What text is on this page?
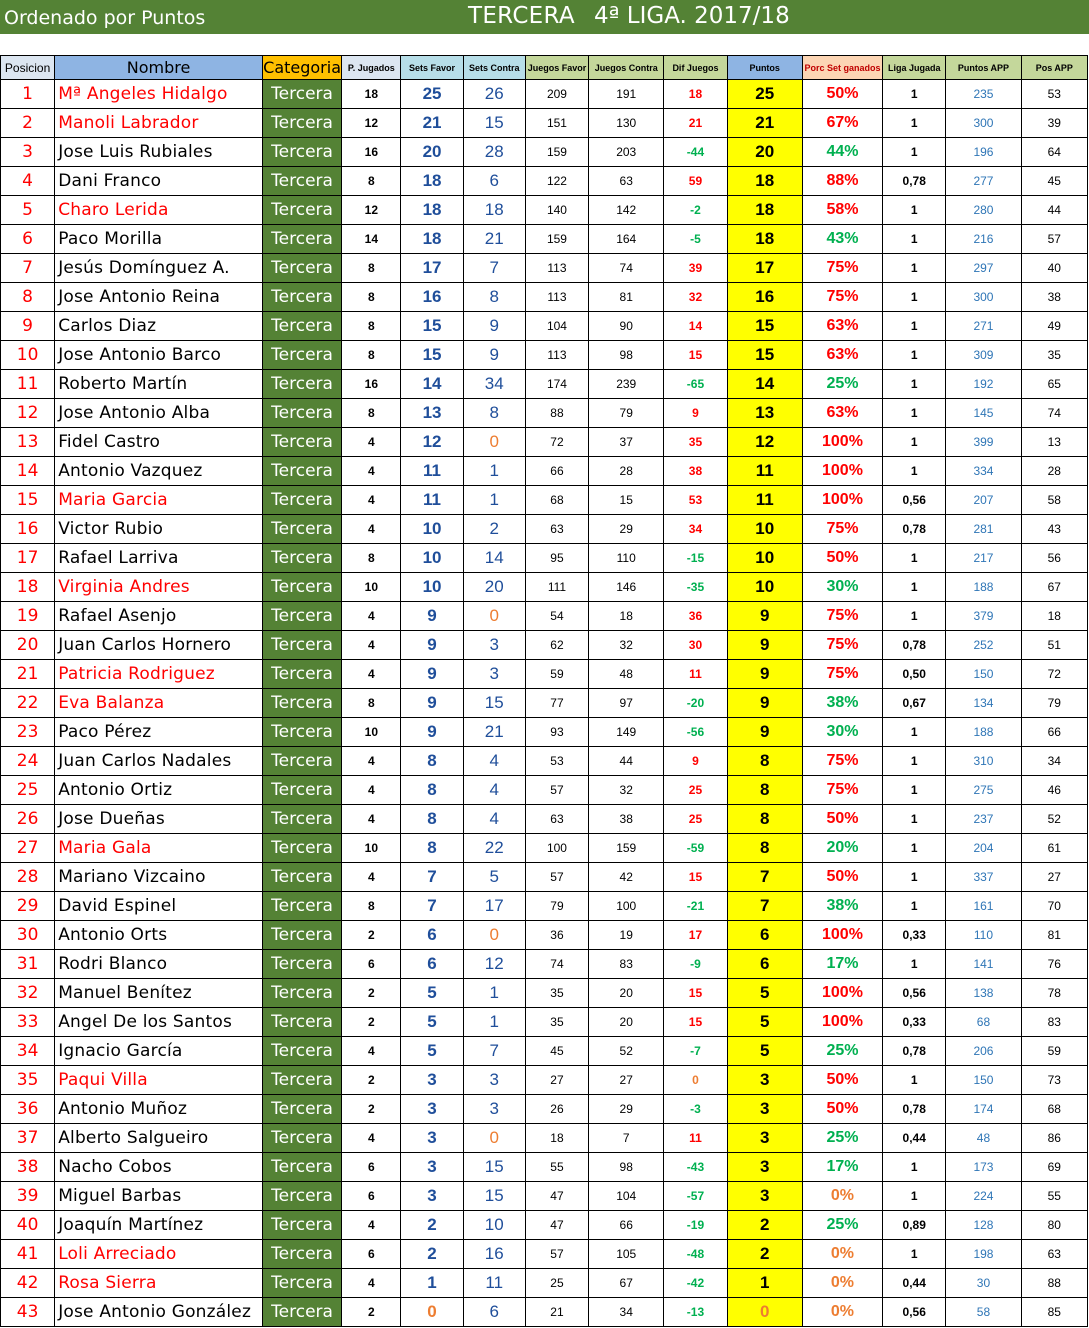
Ordenado por Puntos	TERCERA 4ª LIGA. 2017/18
Posicion	Nombre	Categoria	P. Jugados	Sets Favor	Sets Contra	Juegos Favor	Juegos Contra	Dif Juegos	Puntos	Porc Set ganados	Liga Jugada	Puntos APP	Pos APP
1	Mª Angeles Hidalgo	Tercera	18	25	26	209	191	18	25	50%	1	235	53
2	Manoli Labrador	Tercera	12	21	15	151	130	21	21	67%	1	300	39
3	Jose Luis Rubiales	Tercera	16	20	28	159	203	-44	20	44%	1	196	64
4	Dani Franco	Tercera	8	18	6	122	63	59	18	88%	0,78	277	45
5	Charo Lerida	Tercera	12	18	18	140	142	-2	18	58%	1	280	44
6	Paco Morilla	Tercera	14	18	21	159	164	-5	18	43%	1	216	57
7	Jesús Domínguez A.	Tercera	8	17	7	113	74	39	17	75%	1	297	40
8	Jose Antonio Reina	Tercera	8	16	8	113	81	32	16	75%	1	300	38
9	Carlos Diaz	Tercera	8	15	9	104	90	14	15	63%	1	271	49
10	Jose Antonio Barco	Tercera	8	15	9	113	98	15	15	63%	1	309	35
11	Roberto Martín	Tercera	16	14	34	174	239	-65	14	25%	1	192	65
12	Jose Antonio Alba	Tercera	8	13	8	88	79	9	13	63%	1	145	74
13	Fidel Castro	Tercera	4	12	0	72	37	35	12	100%	1	399	13
14	Antonio Vazquez	Tercera	4	11	1	66	28	38	11	100%	1	334	28
15	Maria Garcia	Tercera	4	11	1	68	15	53	11	100%	0,56	207	58
16	Victor Rubio	Tercera	4	10	2	63	29	34	10	75%	0,78	281	43
17	Rafael Larriva	Tercera	8	10	14	95	110	-15	10	50%	1	217	56
18	Virginia Andres	Tercera	10	10	20	111	146	-35	10	30%	1	188	67
19	Rafael Asenjo	Tercera	4	9	0	54	18	36	9	75%	1	379	18
20	Juan Carlos Hornero	Tercera	4	9	3	62	32	30	9	75%	0,78	252	51
21	Patricia Rodriguez	Tercera	4	9	3	59	48	11	9	75%	0,50	150	72
22	Eva Balanza	Tercera	8	9	15	77	97	-20	9	38%	0,67	134	79
23	Paco Pérez	Tercera	10	9	21	93	149	-56	9	30%	1	188	66
24	Juan Carlos Nadales	Tercera	4	8	4	53	44	9	8	75%	1	310	34
25	Antonio Ortiz	Tercera	4	8	4	57	32	25	8	75%	1	275	46
26	Jose Dueñas	Tercera	4	8	4	63	38	25	8	50%	1	237	52
27	Maria Gala	Tercera	10	8	22	100	159	-59	8	20%	1	204	61
28	Mariano Vizcaino	Tercera	4	7	5	57	42	15	7	50%	1	337	27
29	David Espinel	Tercera	8	7	17	79	100	-21	7	38%	1	161	70
30	Antonio Orts	Tercera	2	6	0	36	19	17	6	100%	0,33	110	81
31	Rodri Blanco	Tercera	6	6	12	74	83	-9	6	17%	1	141	76
32	Manuel Benítez	Tercera	2	5	1	35	20	15	5	100%	0,56	138	78
33	Angel De los Santos	Tercera	2	5	1	35	20	15	5	100%	0,33	68	83
34	Ignacio García	Tercera	4	5	7	45	52	-7	5	25%	0,78	206	59
35	Paqui Villa	Tercera	2	3	3	27	27	0	3	50%	1	150	73
36	Antonio Muñoz	Tercera	2	3	3	26	29	-3	3	50%	0,78	174	68
37	Alberto Salgueiro	Tercera	4	3	0	18	7	11	3	25%	0,44	48	86
38	Nacho Cobos	Tercera	6	3	15	55	98	-43	3	17%	1	173	69
39	Miguel Barbas	Tercera	6	3	15	47	104	-57	3	0%	1	224	55
40	Joaquín Martínez	Tercera	4	2	10	47	66	-19	2	25%	0,89	128	80
41	Loli Arreciado	Tercera	6	2	16	57	105	-48	2	0%	1	198	63
42	Rosa Sierra	Tercera	4	1	11	25	67	-42	1	0%	0,44	30	88
43	Jose Antonio González	Tercera	2	0	6	21	34	-13	0	0%	0,56	58	85
